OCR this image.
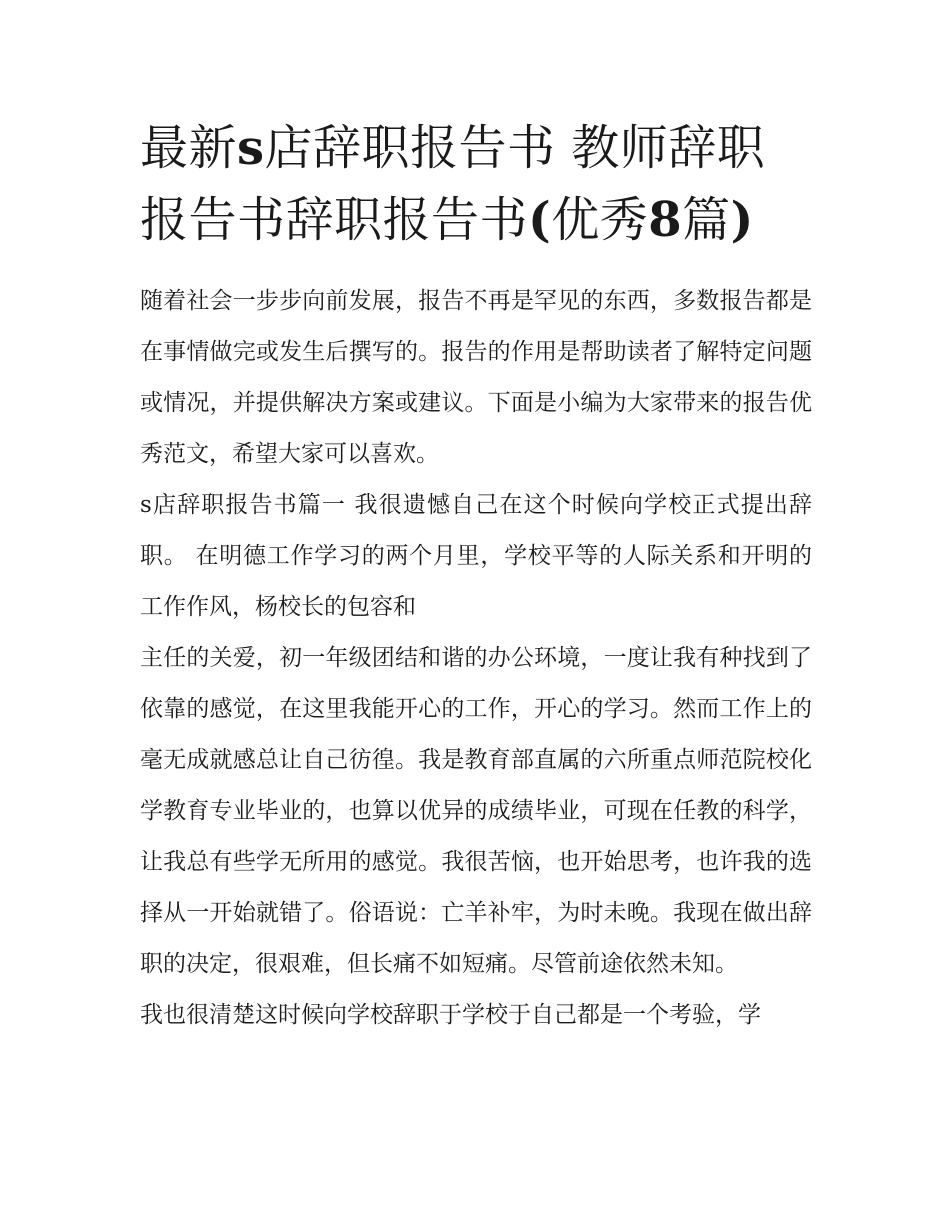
最新s店辞职报告书 教师辞职报告书辞职报告书(优秀8篇)

随着社会一步步向前发展，报告不再是罕见的东西，多数报告都是在事情做完或发生后撰写的。报告的作用是帮助读者了解特定问题或情况，并提供解决方案或建议。下面是小编为大家带来的报告优秀范文，希望大家可以喜欢。

s店辞职报告书篇一 我很遗憾自己在这个时候向学校正式提出辞职。 在明德工作学习的两个月里，学校平等的人际关系和开明的工作作风，杨校长的包容和

主任的关爱，初一年级团结和谐的办公环境，一度让我有种找到了依靠的感觉，在这里我能开心的工作，开心的学习。然而工作上的毫无成就感总让自己彷徨。我是教育部直属的六所重点师范院校化学教育专业毕业的，也算以优异的成绩毕业，可现在任教的科学，让我总有些学无所用的感觉。我很苦恼，也开始思考，也许我的选择从一开始就错了。俗语说：亡羊补牢，为时未晚。我现在做出辞职的决定，很艰难，但长痛不如短痛。尽管前途依然未知。

我也很清楚这时候向学校辞职于学校于自己都是一个考验，学
